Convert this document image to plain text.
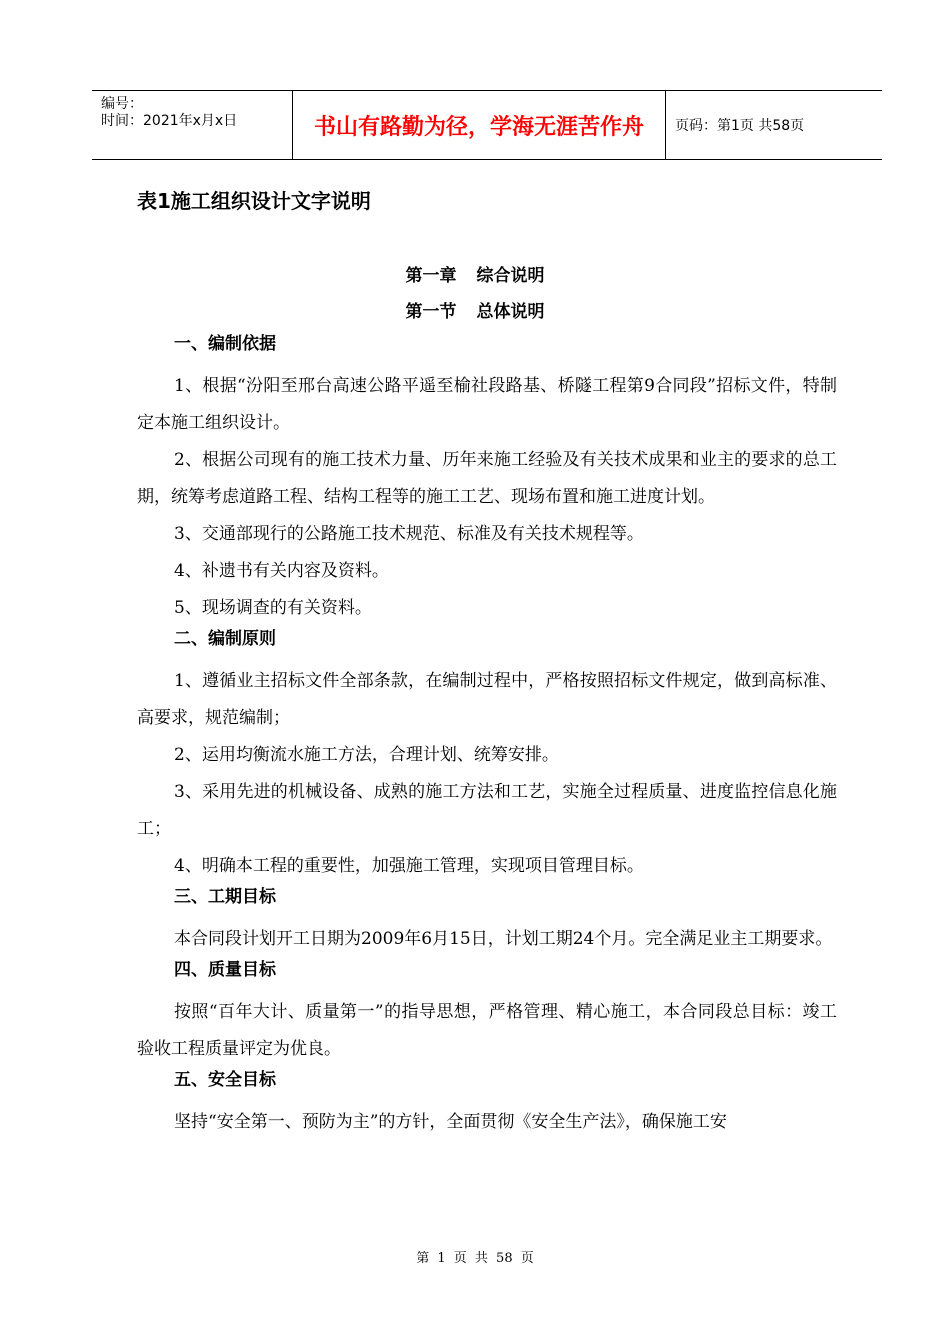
编号：
时间：2021年x月x日	书山有路勤为径，学海无涯苦作舟	页码：第1页 共58页
表1施工组织设计文字说明
第一章 综合说明
第一节 总体说明
一、编制依据

1、根据“汾阳至邢台高速公路平遥至榆社段路基、桥隧工程第9合同段”招标文件，特制定本施工组织设计。

2、根据公司现有的施工技术力量、历年来施工经验及有关技术成果和业主的要求的总工期，统筹考虑道路工程、结构工程等的施工工艺、现场布置和施工进度计划。

3、交通部现行的公路施工技术规范、标准及有关技术规程等。

4、补遗书有关内容及资料。

5、现场调查的有关资料。

二、编制原则

1、遵循业主招标文件全部条款，在编制过程中，严格按照招标文件规定，做到高标准、高要求，规范编制；

2、运用均衡流水施工方法，合理计划、统筹安排。

3、采用先进的机械设备、成熟的施工方法和工艺，实施全过程质量、进度监控信息化施工；

4、明确本工程的重要性，加强施工管理，实现项目管理目标。

三、工期目标

本合同段计划开工日期为2009年6月15日，计划工期24个月。完全满足业主工期要求。

四、质量目标

按照“百年大计、质量第一”的指导思想，严格管理、精心施工，本合同段总目标：竣工验收工程质量评定为优良。

五、安全目标

坚持“安全第一、预防为主”的方针，全面贯彻《安全生产法》，确保施工安

第 1 页 共 58 页
